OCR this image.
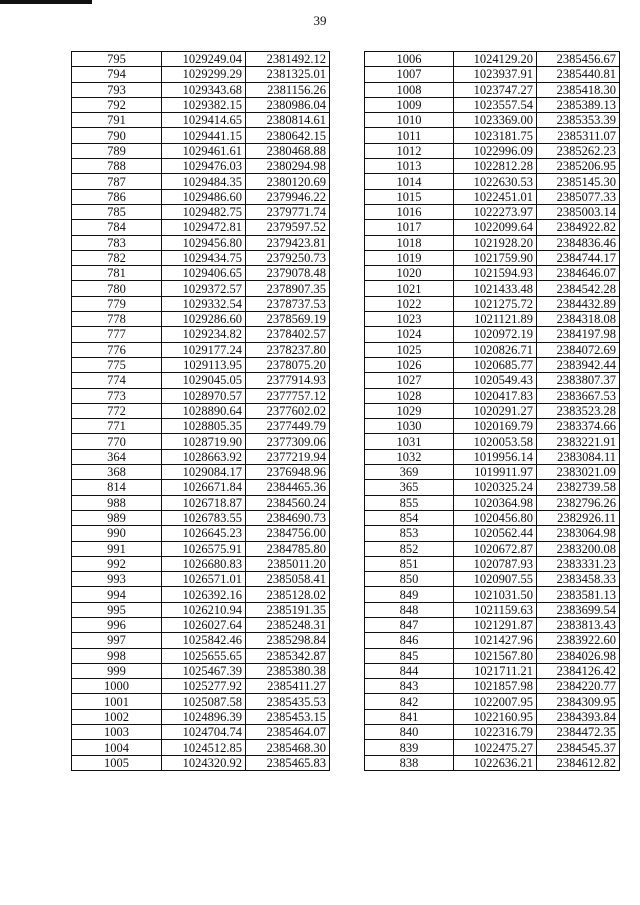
39
795	1029249.04	2381492.12
794	1029299.29	2381325.01
793	1029343.68	2381156.26
792	1029382.15	2380986.04
791	1029414.65	2380814.61
790	1029441.15	2380642.15
789	1029461.61	2380468.88
788	1029476.03	2380294.98
787	1029484.35	2380120.69
786	1029486.60	2379946.22
785	1029482.75	2379771.74
784	1029472.81	2379597.52
783	1029456.80	2379423.81
782	1029434.75	2379250.73
781	1029406.65	2379078.48
780	1029372.57	2378907.35
779	1029332.54	2378737.53
778	1029286.60	2378569.19
777	1029234.82	2378402.57
776	1029177.24	2378237.80
775	1029113.95	2378075.20
774	1029045.05	2377914.93
773	1028970.57	2377757.12
772	1028890.64	2377602.02
771	1028805.35	2377449.79
770	1028719.90	2377309.06
364	1028663.92	2377219.94
368	1029084.17	2376948.96
814	1026671.84	2384465.36
988	1026718.87	2384560.24
989	1026783.55	2384690.73
990	1026645.23	2384756.00
991	1026575.91	2384785.80
992	1026680.83	2385011.20
993	1026571.01	2385058.41
994	1026392.16	2385128.02
995	1026210.94	2385191.35
996	1026027.64	2385248.31
997	1025842.46	2385298.84
998	1025655.65	2385342.87
999	1025467.39	2385380.38
1000	1025277.92	2385411.27
1001	1025087.58	2385435.53
1002	1024896.39	2385453.15
1003	1024704.74	2385464.07
1004	1024512.85	2385468.30
1005	1024320.92	2385465.83
1006	1024129.20	2385456.67
1007	1023937.91	2385440.81
1008	1023747.27	2385418.30
1009	1023557.54	2385389.13
1010	1023369.00	2385353.39
1011	1023181.75	2385311.07
1012	1022996.09	2385262.23
1013	1022812.28	2385206.95
1014	1022630.53	2385145.30
1015	1022451.01	2385077.33
1016	1022273.97	2385003.14
1017	1022099.64	2384922.82
1018	1021928.20	2384836.46
1019	1021759.90	2384744.17
1020	1021594.93	2384646.07
1021	1021433.48	2384542.28
1022	1021275.72	2384432.89
1023	1021121.89	2384318.08
1024	1020972.19	2384197.98
1025	1020826.71	2384072.69
1026	1020685.77	2383942.44
1027	1020549.43	2383807.37
1028	1020417.83	2383667.53
1029	1020291.27	2383523.28
1030	1020169.79	2383374.66
1031	1020053.58	2383221.91
1032	1019956.14	2383084.11
369	1019911.97	2383021.09
365	1020325.24	2382739.58
855	1020364.98	2382796.26
854	1020456.80	2382926.11
853	1020562.44	2383064.98
852	1020672.87	2383200.08
851	1020787.93	2383331.23
850	1020907.55	2383458.33
849	1021031.50	2383581.13
848	1021159.63	2383699.54
847	1021291.87	2383813.43
846	1021427.96	2383922.60
845	1021567.80	2384026.98
844	1021711.21	2384126.42
843	1021857.98	2384220.77
842	1022007.95	2384309.95
841	1022160.95	2384393.84
840	1022316.79	2384472.35
839	1022475.27	2384545.37
838	1022636.21	2384612.82
